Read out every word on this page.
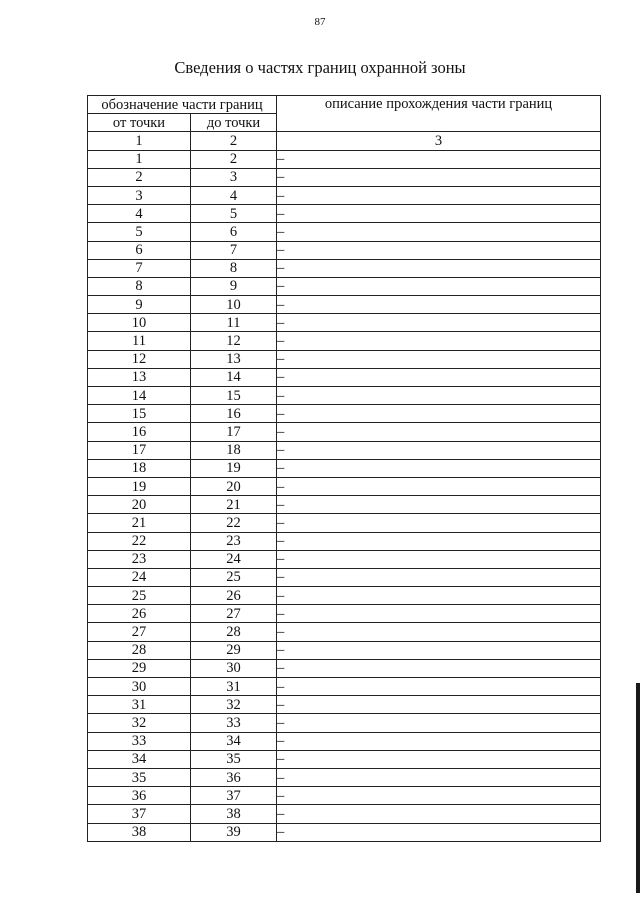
87
Сведения о частях границ охранной зоны
обозначение части границ		описание прохождения части границ
от точки	до точки	
1	2	3
1	2	–
2	3	–
3	4	–
4	5	–
5	6	–
6	7	–
7	8	–
8	9	–
9	10	–
10	11	–
11	12	–
12	13	–
13	14	–
14	15	–
15	16	–
16	17	–
17	18	–
18	19	–
19	20	–
20	21	–
21	22	–
22	23	–
23	24	–
24	25	–
25	26	–
26	27	–
27	28	–
28	29	–
29	30	–
30	31	–
31	32	–
32	33	–
33	34	–
34	35	–
35	36	–
36	37	–
37	38	–
38	39	–
